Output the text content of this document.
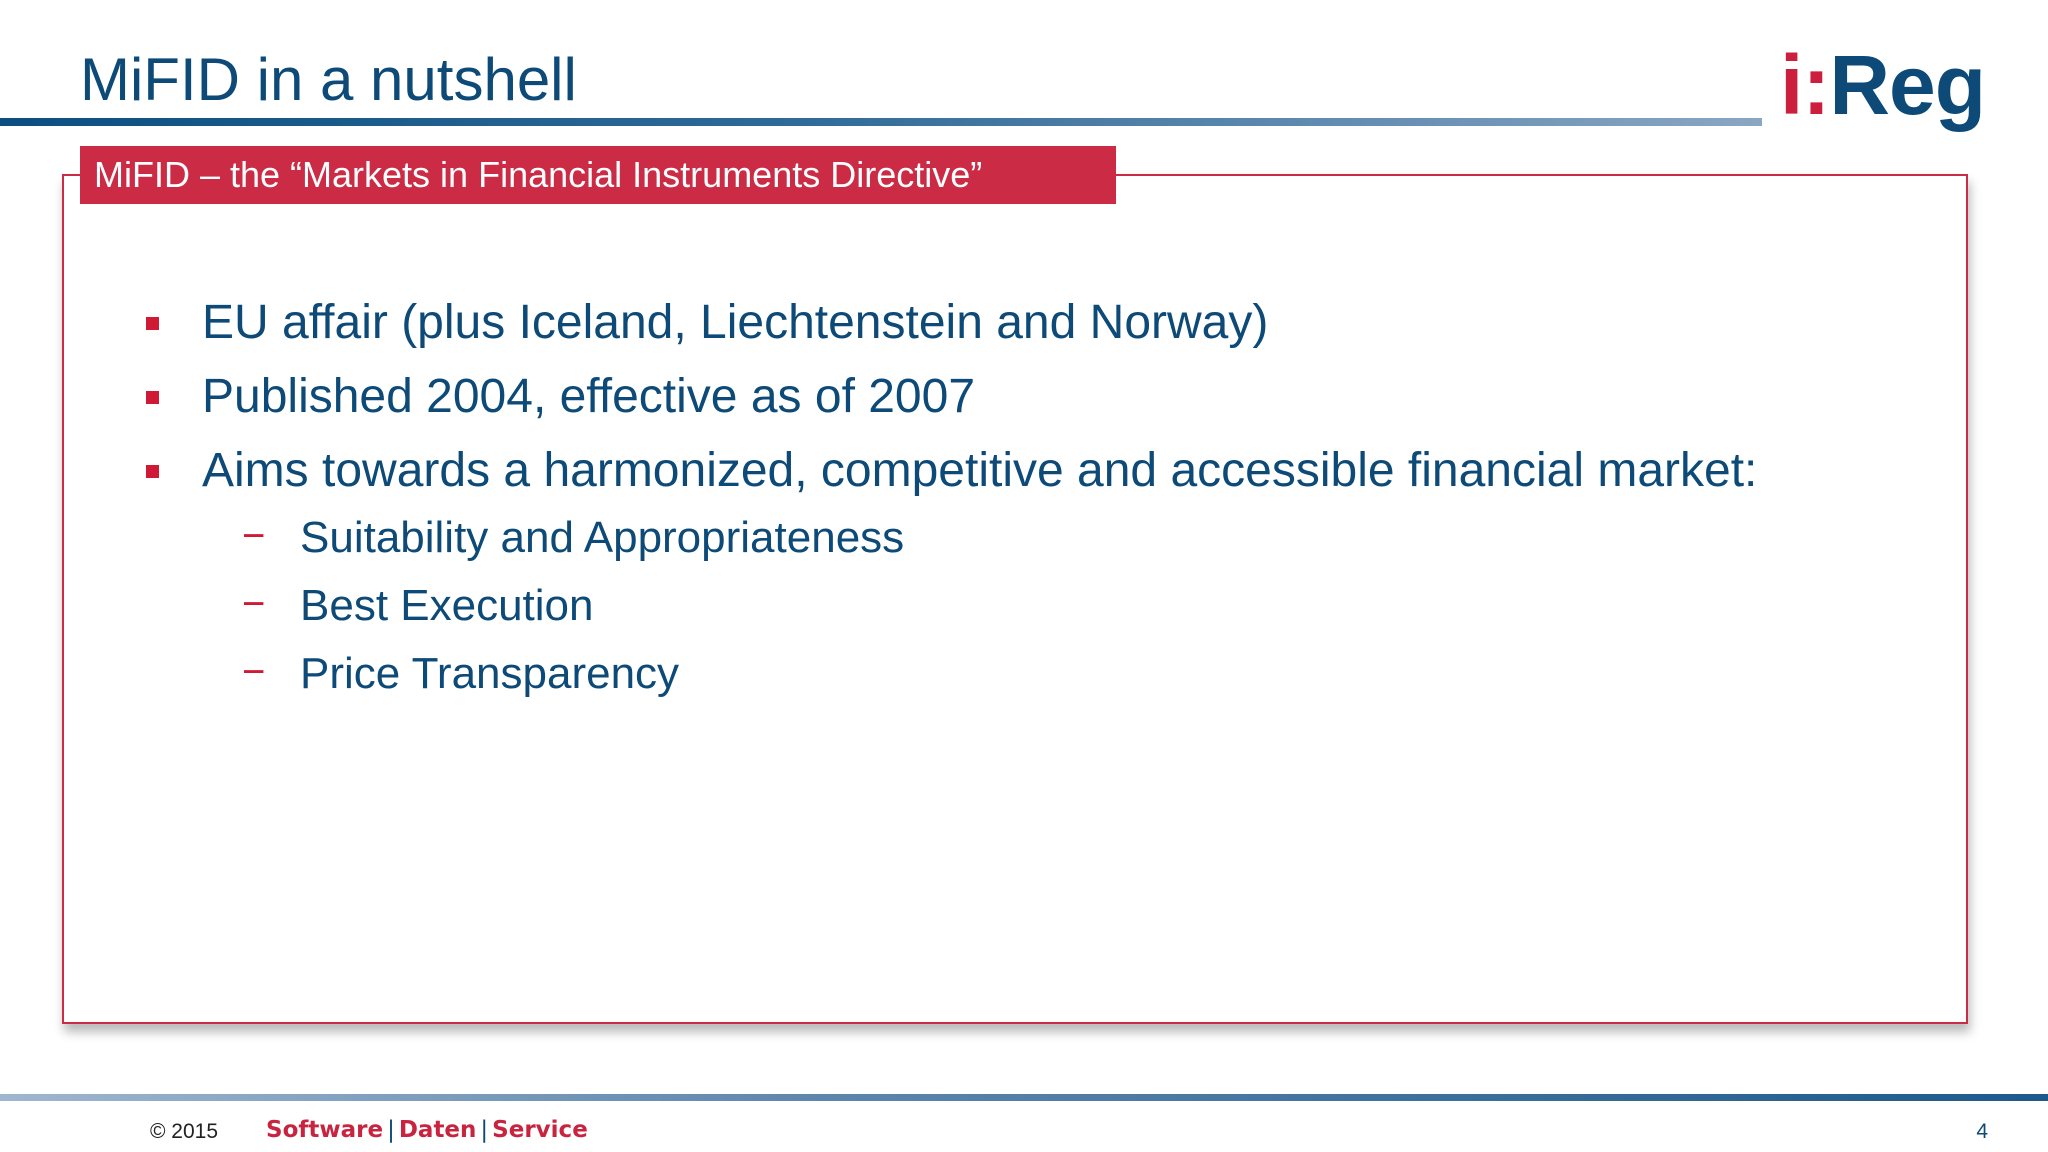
MiFID in a nutshell	i:Reg
MiFID – the “Markets in Financial Instruments Directive”
EU affair (plus Iceland, Liechtenstein and Norway)
Published 2004, effective as of 2007
Aims towards a harmonized, competitive and accessible financial market:
− Suitability and Appropriateness
− Best Execution
− Price Transparency
© 2015 Software | Daten | Service	4
